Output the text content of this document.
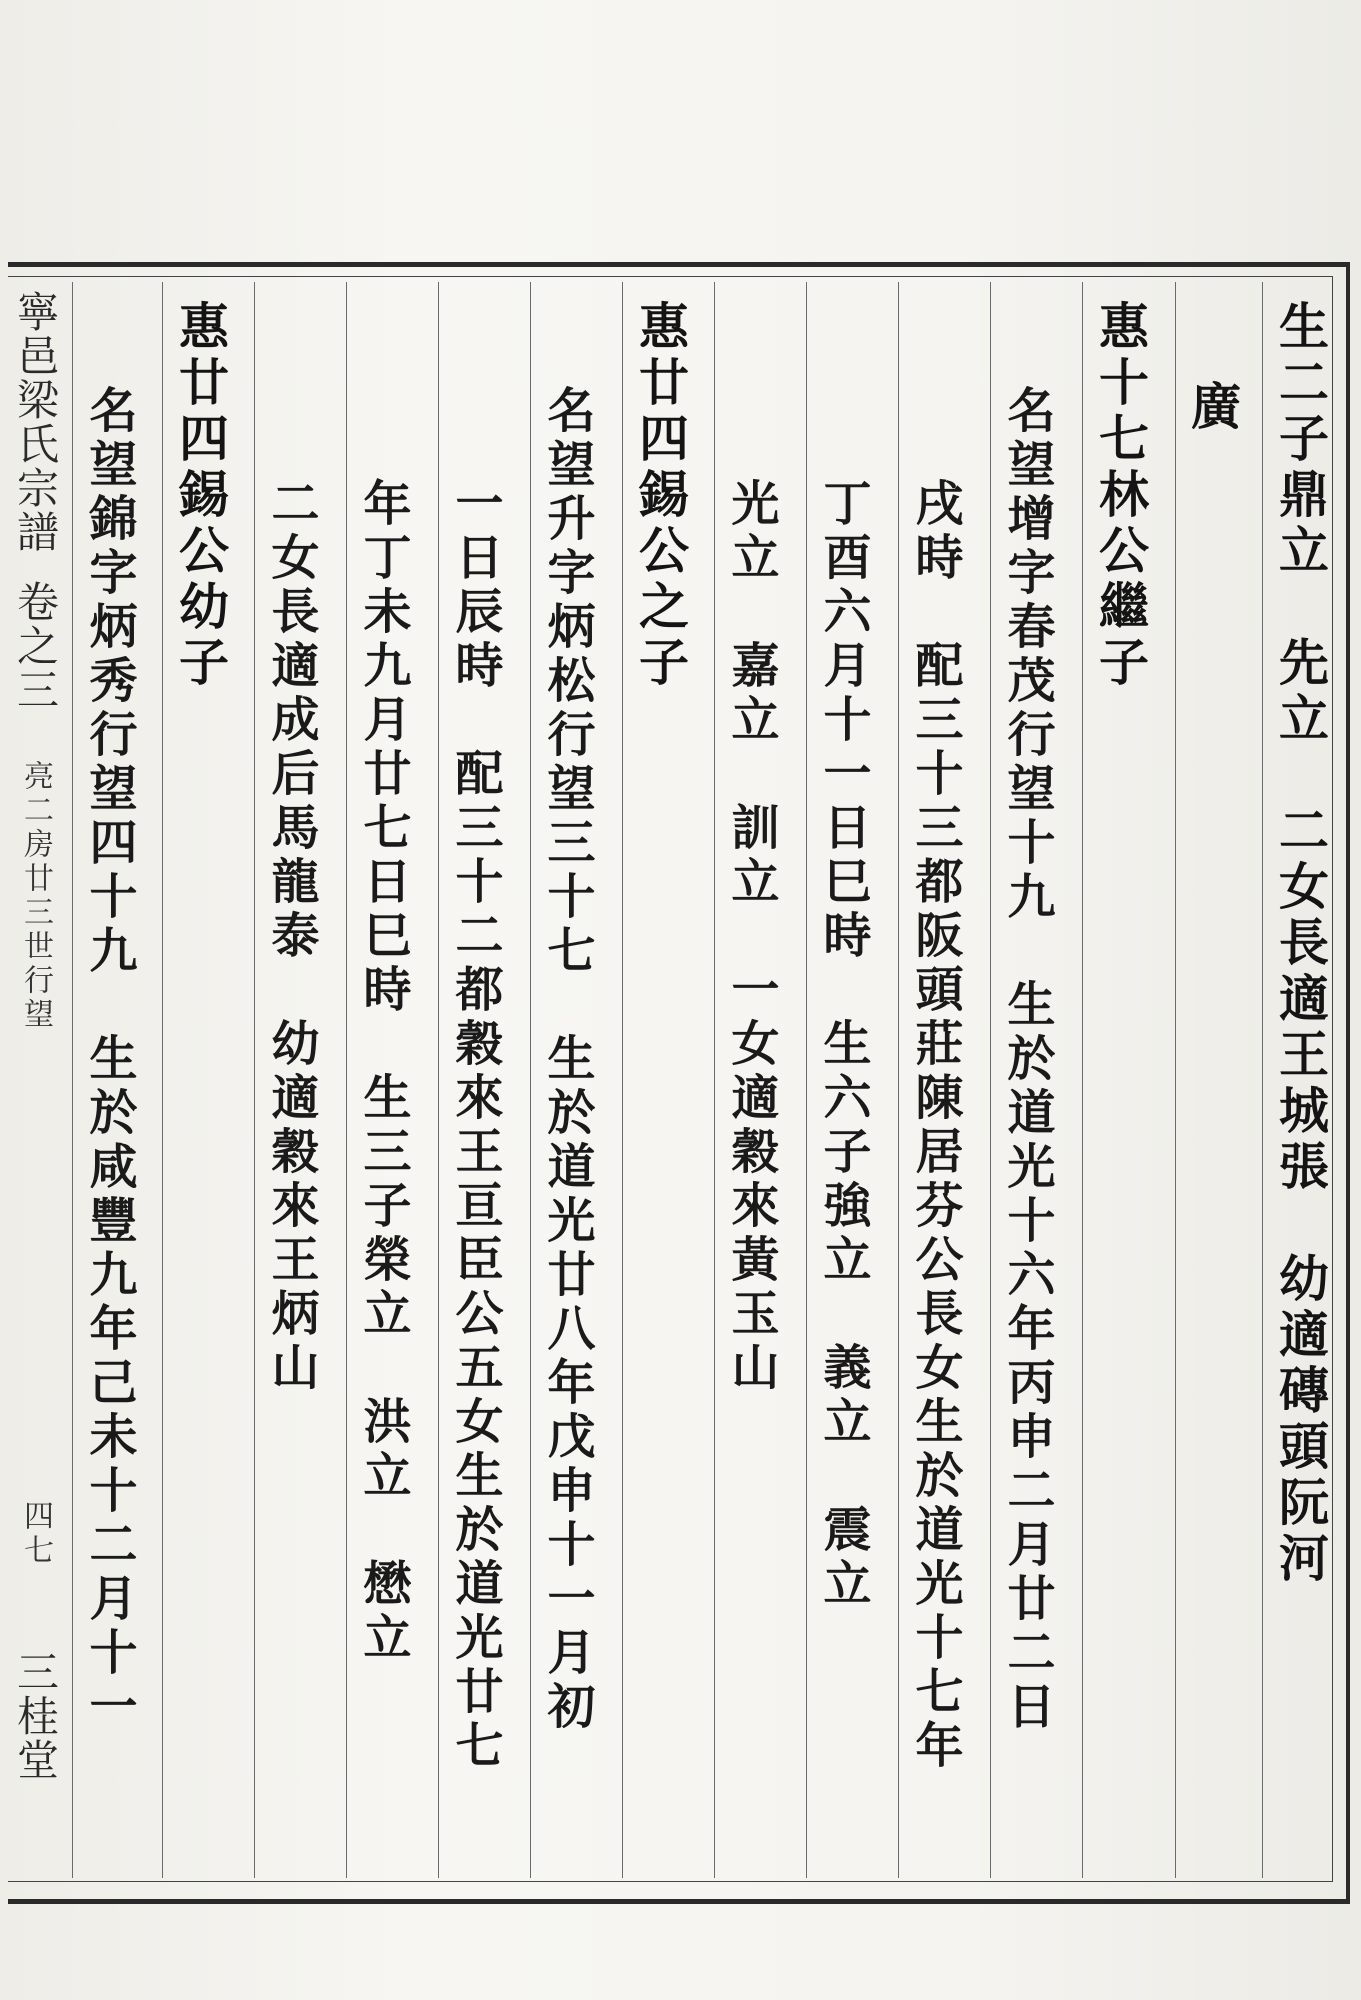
生二子鼎立　先立　二女長適王城張　幼適磚頭阮河
廣
惠十七林公繼子
名望增字春茂行望十九　生於道光十六年丙申二月廿二日
戌時　配三十三都阪頭莊陳居芬公長女生於道光十七年
丁酉六月十一日巳時　生六子強立　義立　震立
光立　嘉立　訓立　一女適穀來黃玉山
惠廿四錫公之子
名望升字炳松行望三十七　生於道光廿八年戊申十一月初
一日辰時　配三十二都穀來王亘臣公五女生於道光廿七
年丁未九月廿七日巳時　生三子榮立　洪立　懋立
二女長適成后馬龍泰　幼適穀來王炳山
惠廿四錫公幼子
名望錦字炳秀行望四十九　生於咸豐九年己未十二月十一
寧邑梁氏宗譜
卷之三
亮二房廿三世行望
四七
三桂堂
